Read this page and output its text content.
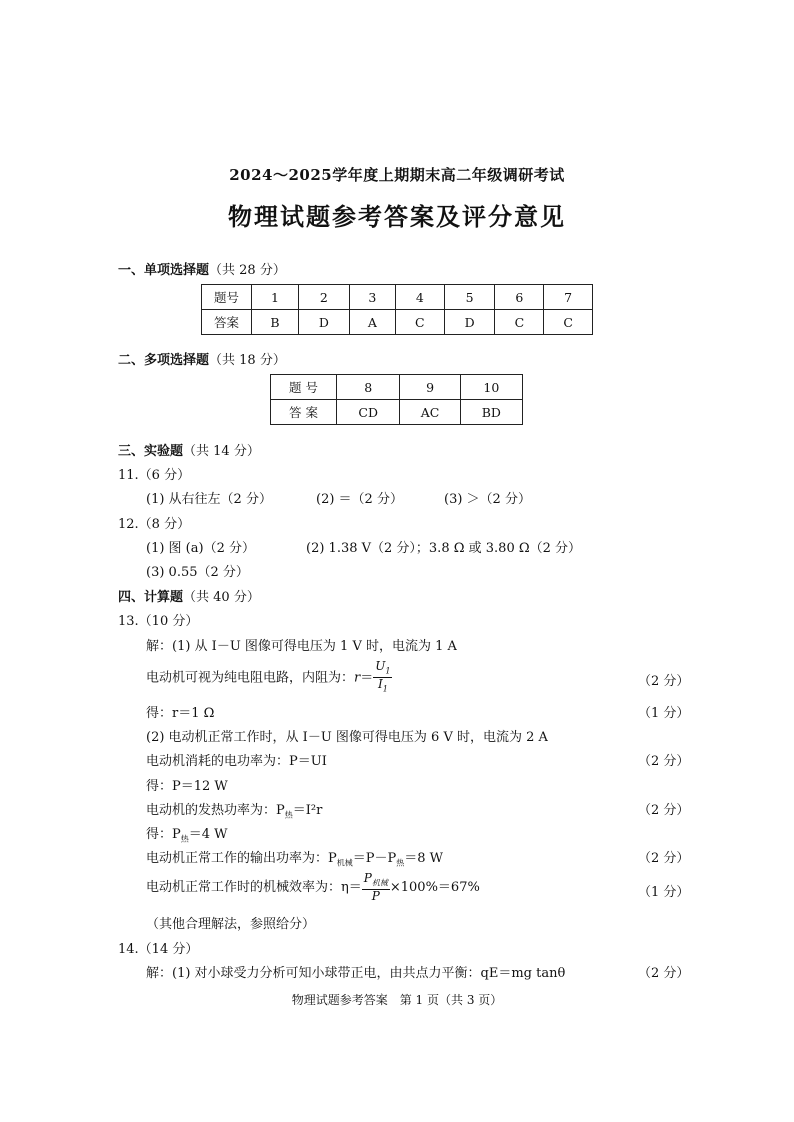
2024～2025学年度上期期末高二年级调研考试
物理试题参考答案及评分意见
一、单项选择题（共 28 分）
题号	1	2	3	4	5	6	7
答案	B	D	A	C	D	C	C
二、多项选择题（共 18 分）
题 号	8	9	10
答 案	CD	AC	BD
三、实验题（共 14 分）
11.（6 分）
(1) 从右往左（2 分）	(2) ＝（2 分）	(3) ＞（2 分）
12.（8 分）
(1) 图 (a)（2 分）	(2) 1.38 V（2 分）；3.8 Ω 或 3.80 Ω（2 分）
(3) 0.55（2 分）
四、计算题（共 40 分）
13.（10 分）
解：(1) 从 I－U 图像可得电压为 1 V 时，电流为 1 A
电动机可视为纯电阻电路，内阻为：$r= \frac{U_1}{I_1}$	（2 分）
得：r＝1 Ω	（1 分）
(2) 电动机正常工作时，从 I－U 图像可得电压为 6 V 时，电流为 2 A
电动机消耗的电功率为：P＝UI	（2 分）
得：P＝12 W
电动机的发热功率为：$P_热=I^2r$	（2 分）
得：$P_热=4$ W
电动机正常工作的输出功率为：$P_{机械}=P-P_热=8$ W	（2 分）
电动机正常工作时的机械效率为：$\eta= \frac{P_{机械}}{P} \times 100\%=67\%$	（1 分）
（其他合理解法，参照给分）
14.（14 分）
解：(1) 对小球受力分析可知小球带正电，由共点力平衡：qE＝mg tanθ	（2 分）
物理试题参考答案　第 1 页（共 3 页）
